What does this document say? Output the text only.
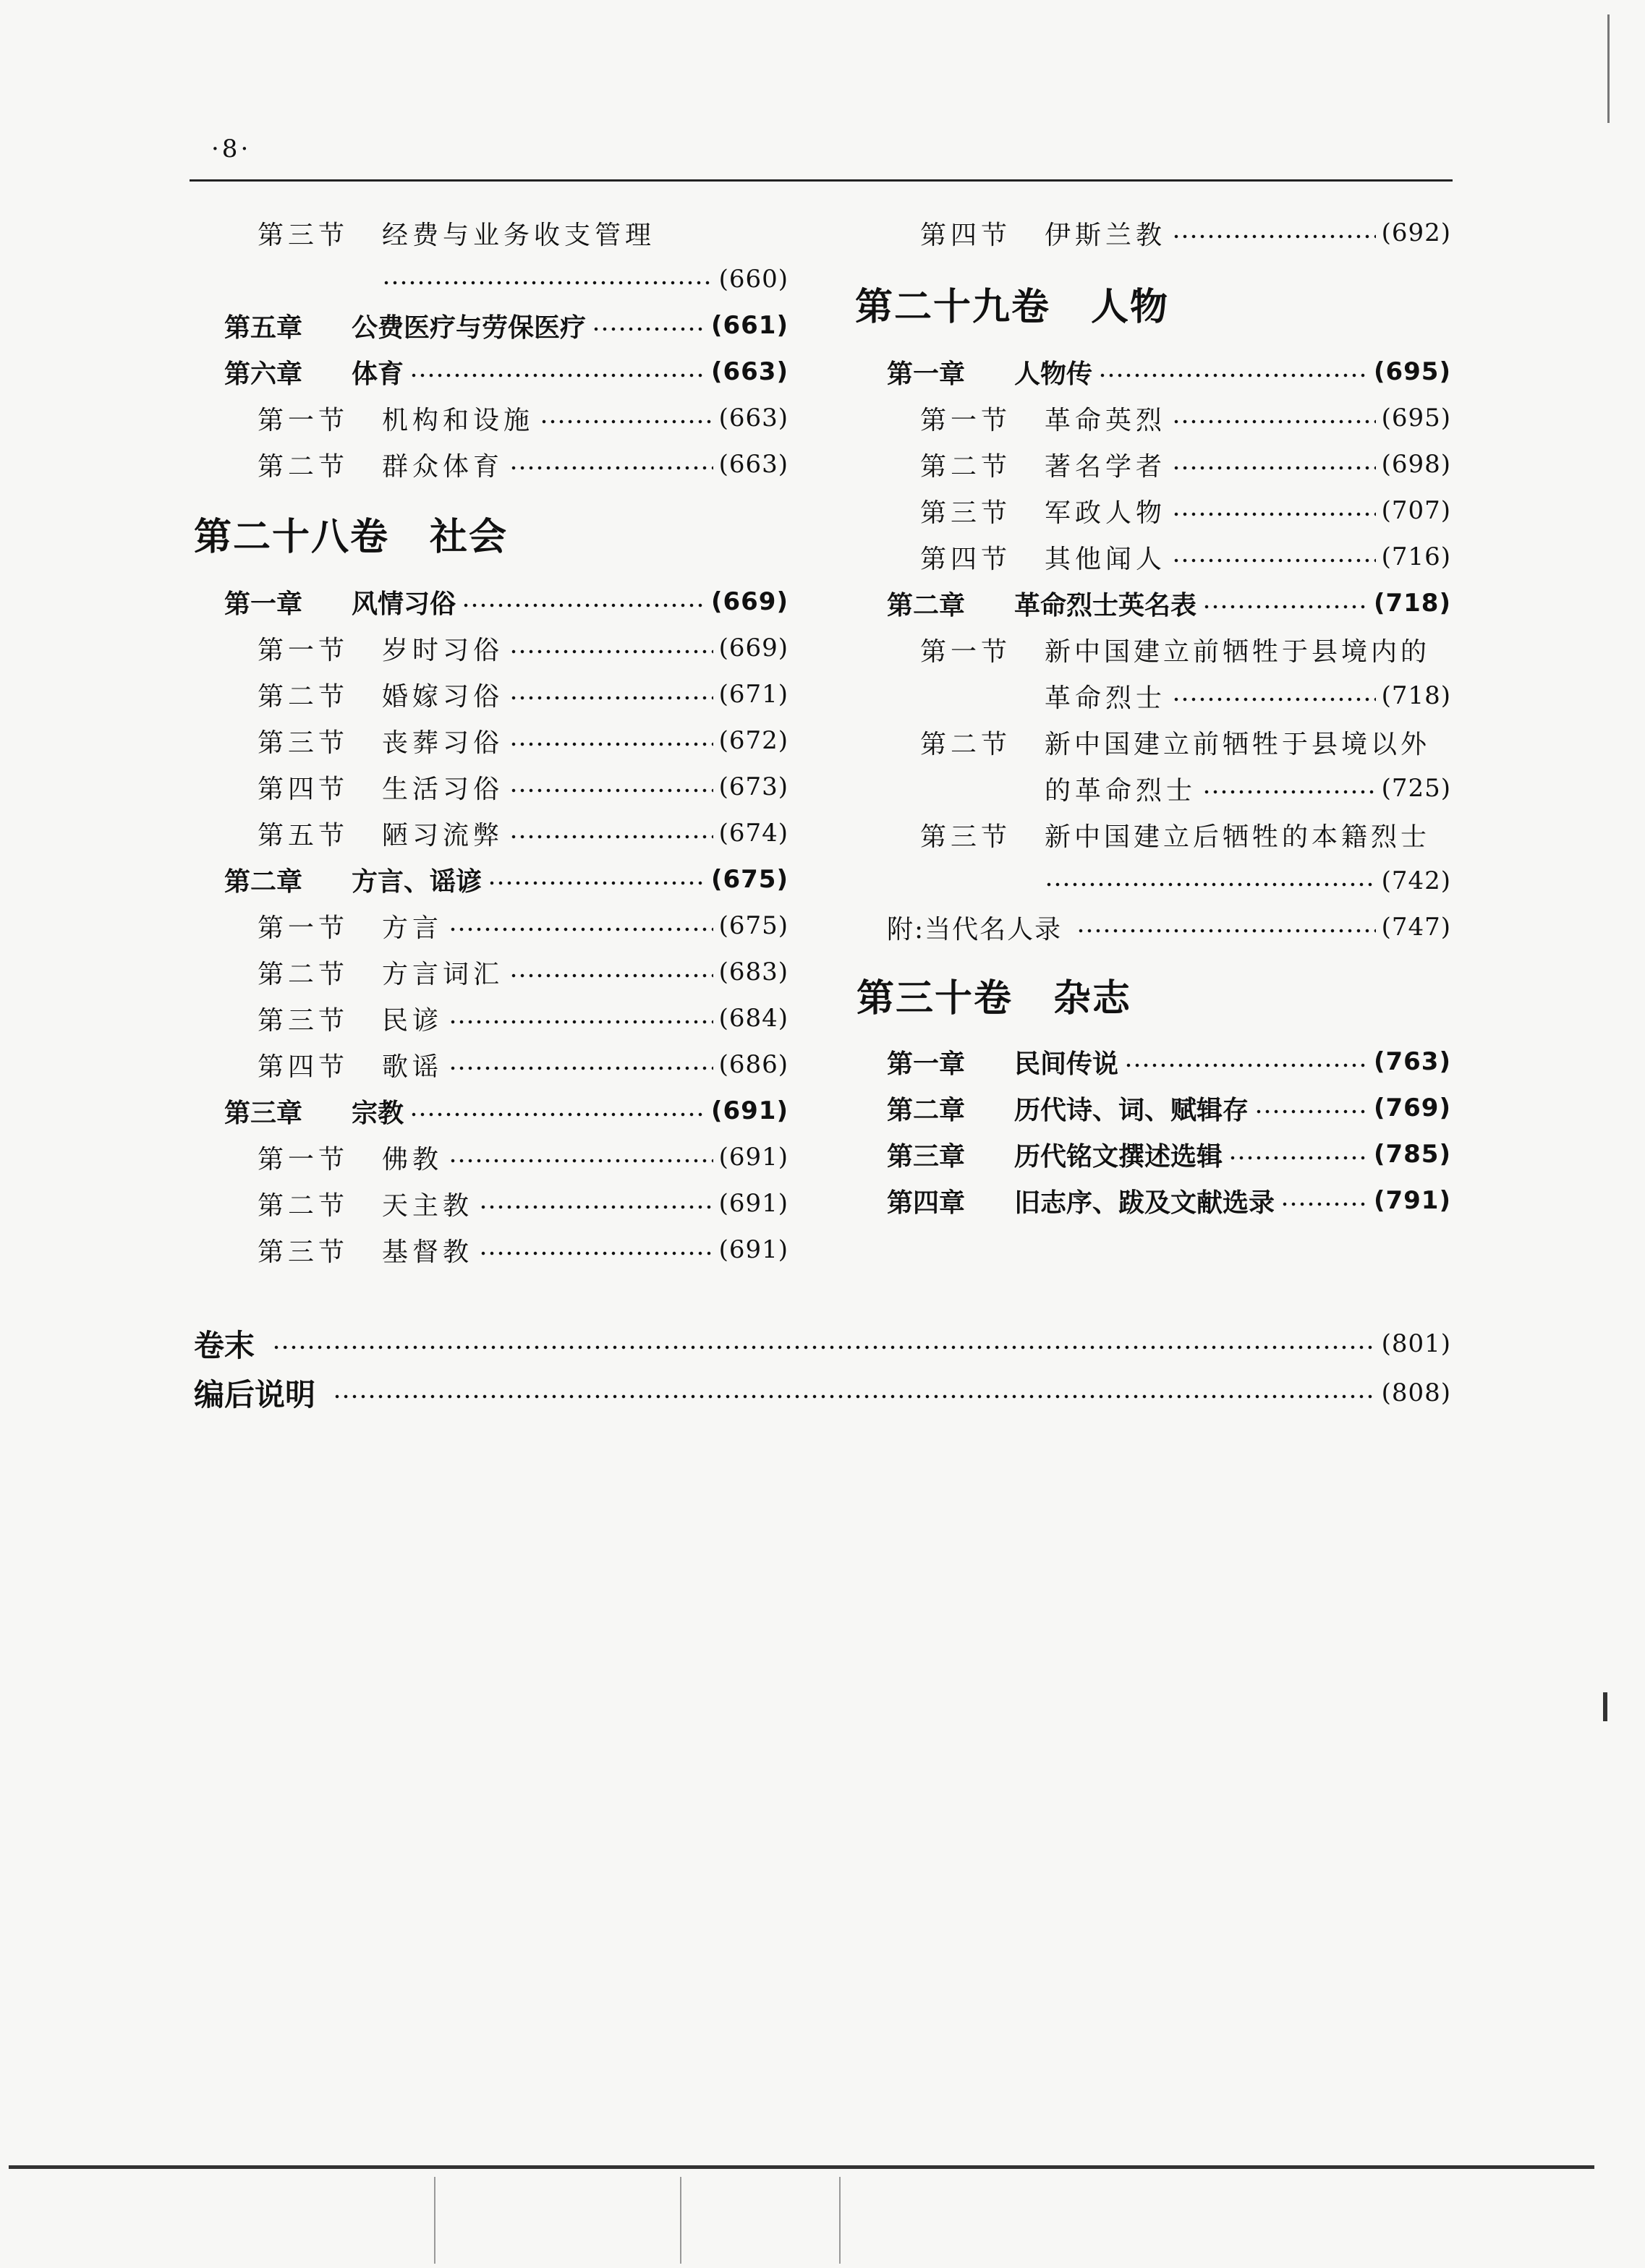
·8·
第三节	经费与业务收支管理
(660)
第五章	公费医疗与劳保医疗	(661)
第六章	体育	(663)
第一节	机构和设施	(663)
第二节	群众体育	(663)
第二十八卷 社会
第一章	风情习俗	(669)
第一节	岁时习俗	(669)
第二节	婚嫁习俗	(671)
第三节	丧葬习俗	(672)
第四节	生活习俗	(673)
第五节	陋习流弊	(674)
第二章	方言、谣谚	(675)
第一节	方言	(675)
第二节	方言词汇	(683)
第三节	民谚	(684)
第四节	歌谣	(686)
第三章	宗教	(691)
第一节	佛教	(691)
第二节	天主教	(691)
第三节	基督教	(691)
第四节	伊斯兰教	(692)
第二十九卷 人物
第一章	人物传	(695)
第一节	革命英烈	(695)
第二节	著名学者	(698)
第三节	军政人物	(707)
第四节	其他闻人	(716)
第二章	革命烈士英名表	(718)
第一节	新中国建立前牺牲于县境内的
革命烈士	(718)
第二节	新中国建立前牺牲于县境以外
的革命烈士	(725)
第三节	新中国建立后牺牲的本籍烈士
(742)
附:当代名人录	(747)
第三十卷 杂志
第一章	民间传说	(763)
第二章	历代诗、词、赋辑存	(769)
第三章	历代铭文撰述选辑	(785)
第四章	旧志序、跋及文献选录	(791)
卷末	(801)
编后说明	(808)
